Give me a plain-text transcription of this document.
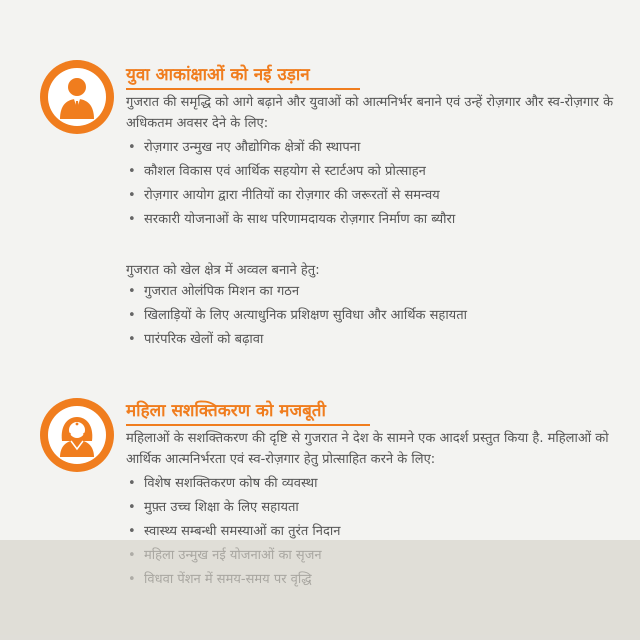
युवा आकांक्षाओं को नई उड़ान
गुजरात की समृद्धि को आगे बढ़ाने और युवाओं को आत्मनिर्भर बनाने एवं उन्हें रोज़गार और स्व-रोज़गार के अधिकतम अवसर देने के लिए:
• रोज़गार उन्मुख नए औद्योगिक क्षेत्रों की स्थापना
• कौशल विकास एवं आर्थिक सहयोग से स्टार्टअप को प्रोत्साहन
• रोज़गार आयोग द्वारा नीतियों का रोज़गार की जरूरतों से समन्वय
• सरकारी योजनाओं के साथ परिणामदायक रोज़गार निर्माण का ब्यौरा
गुजरात को खेल क्षेत्र में अव्वल बनाने हेतु:
• गुजरात ओलंपिक मिशन का गठन
• खिलाड़ियों के लिए अत्याधुनिक प्रशिक्षण सुविधा और आर्थिक सहायता
• पारंपरिक खेलों को बढ़ावा
महिला सशक्तिकरण को मजबूती
महिलाओं के सशक्तिकरण की दृष्टि से गुजरात ने देश के सामने एक आदर्श प्रस्तुत किया है. महिलाओं को आर्थिक आत्मनिर्भरता एवं स्व-रोज़गार हेतु प्रोत्साहित करने के लिए:
• विशेष सशक्तिकरण कोष की व्यवस्था
• मुफ़्त उच्च शिक्षा के लिए सहायता
• स्वास्थ्य सम्बन्धी समस्याओं का तुरंत निदान
•
•
